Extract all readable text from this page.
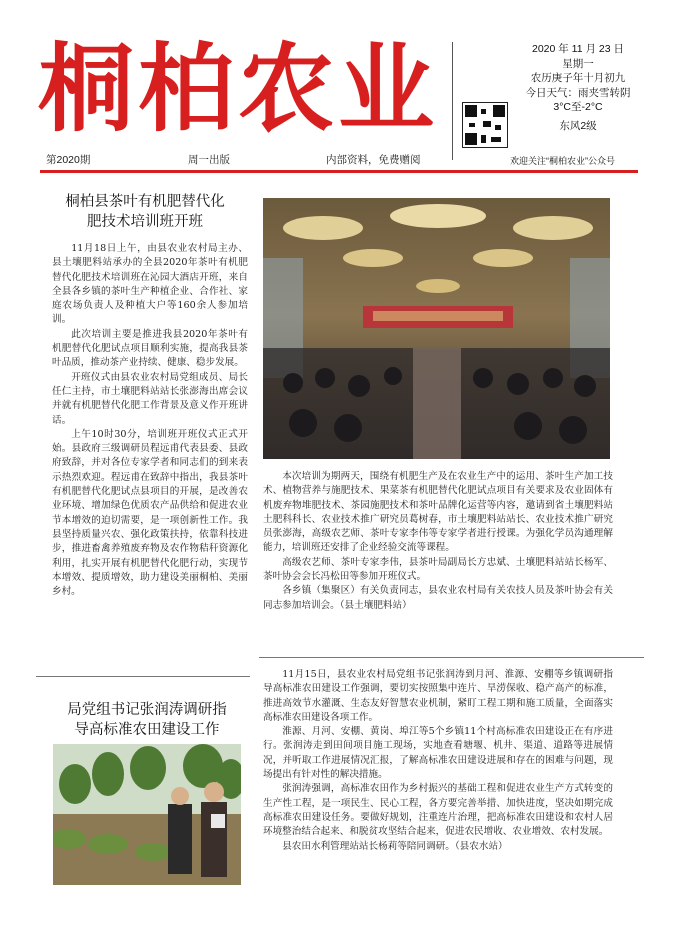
桐柏农业	2020 年 11 月 23 日
星期一
农历庚子年十月初九
今日天气：雨夹雪转阴
3°C至-2°C
东风2级
欢迎关注“桐柏农业”公众号
第2020期	周一出版	内部资料，免费赠阅
桐柏县茶叶有机肥替代化
肥技术培训班开班

11月18日上午，由县农业农村局主办、县土壤肥料站承办的全县2020年茶叶有机肥替代化肥技术培训班在沁园大酒店开班，来自全县各乡镇的茶叶生产种植企业、合作社、家庭农场负责人及种植大户等160余人参加培训。

此次培训主要是推进我县2020年茶叶有机肥替代化肥试点项目顺利实施，提高我县茶叶品质，推动茶产业持续、健康、稳步发展。

开班仪式由县农业农村局党组成员、局长任仁主持，市土壤肥料站站长张澎海出席会议并就有机肥替代化肥工作背景及意义作开班讲话。

上午10时30分，培训班开班仪式正式开始。县政府三级调研员程远甫代表县委、县政府致辞，并对各位专家学者和同志们的到来表示热烈欢迎。程远甫在致辞中指出，我县茶叶有机肥替代化肥试点县项目的开展，是改善农业环境、增加绿色优质农产品供给和促进农业节本增效的迫切需要，是一项创新性工作。我县坚持质量兴农、强化政策扶持，依靠科技进步，推进畜禽养殖废弃物及农作物秸秆资源化利用，扎实开展有机肥替代化肥行动，实现节本增效、提质增效，助力建设美丽桐柏、美丽乡村。

本次培训为期两天，围绕有机肥生产及在农业生产中的运用、茶叶生产加工技术、植物营养与施肥技术、果菜茶有机肥替代化肥试点项目有关要求及农业固体有机废弃物堆肥技术、茶园施肥技术和茶叶品牌化运营等内容，邀请到省土壤肥料站土肥科科长、农业技术推广研究员葛树春，市土壤肥料站站长、农业技术推广研究员张澎海，高级农艺师、茶叶专家李伟等专家学者进行授课。为强化学员沟通理解能力，培训班还安排了企业经验交流等课程。

高级农艺师、茶叶专家李伟，县茶叶局副局长方忠斌、土壤肥料站站长杨军、茶叶协会会长冯松田等参加开班仪式。

各乡镇（集聚区）有关负责同志，县农业农村局有关农技人员及茶叶协会有关同志参加培训会。（县土壤肥料站）

局党组书记张润涛调研指
导高标准农田建设工作

11月15日，县农业农村局党组书记张润涛到月河、淮源、安棚等乡镇调研指导高标准农田建设工作强调，要切实按照集中连片、旱涝保收、稳产高产的标准，推进高效节水灌溉、生态友好智慧农业机制，紧盯工程工期和施工质量，全面落实高标准农田建设各项工作。

淮源、月河、安棚、黄岗、埠江等5个乡镇11个村高标准农田建设正在有序进行。张润涛走到田间项目施工现场，实地查看塘堰、机井、渠道、道路等进展情况，并听取工作进展情况汇报，了解高标准农田建设进展和存在的困难与问题，现场提出有针对性的解决措施。

张润涛强调，高标准农田作为乡村振兴的基础工程和促进农业生产方式转变的生产性工程，是一项民生、民心工程，各方要完善举措、加快进度，坚决如期完成高标准农田建设任务。要做好规划，注重连片治理，把高标准农田建设和农村人居环境整治结合起来、和脱贫攻坚结合起来，促进农民增收、农业增效、农村发展。

县农田水利管理站站长杨莉等陪同调研。（县农水站）
